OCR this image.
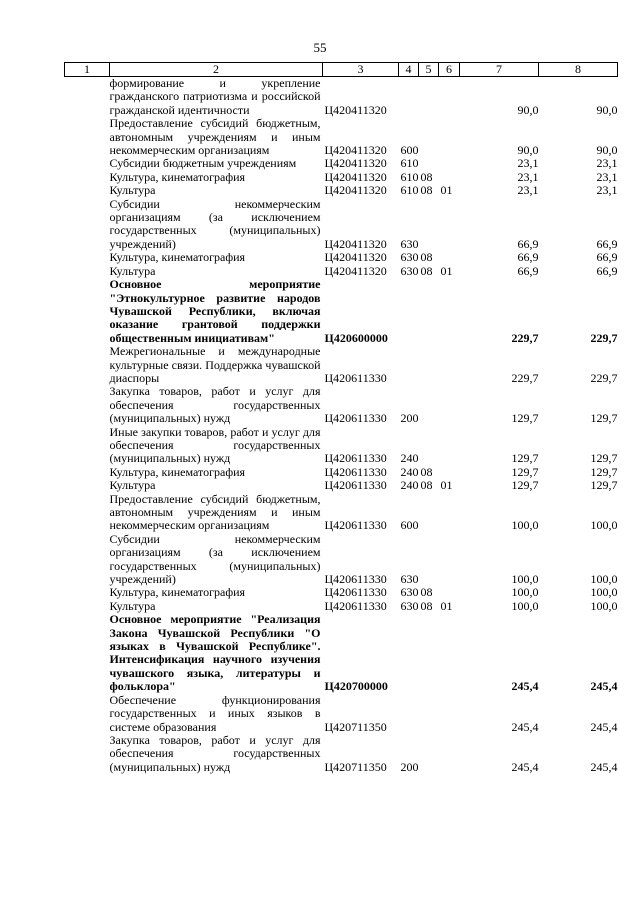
55
1	2	3	4	5	6	7	8
	формирование и укрепление гражданского патриотизма и российской гражданской идентичности	Ц420411320				90,0	90,0
	Предоставление субсидий бюджетным, автономным учреждениям и иным некоммерческим организациям	Ц420411320	600			90,0	90,0
	Субсидии бюджетным учреждениям	Ц420411320	610			23,1	23,1
	Культура, кинематография	Ц420411320	610	08		23,1	23,1
	Культура	Ц420411320	610	08	01	23,1	23,1
	Субсидии некоммерческим организациям (за исключением государственных (муниципальных) учреждений)	Ц420411320	630			66,9	66,9
	Культура, кинематография	Ц420411320	630	08		66,9	66,9
	Культура	Ц420411320	630	08	01	66,9	66,9
	Основное мероприятие "Этнокультурное развитие народов Чувашской Республики, включая оказание грантовой поддержки общественным инициативам"	Ц420600000				229,7	229,7
	Межрегиональные и международные культурные связи. Поддержка чувашской диаспоры	Ц420611330				229,7	229,7
	Закупка товаров, работ и услуг для обеспечения государственных (муниципальных) нужд	Ц420611330	200			129,7	129,7
	Иные закупки товаров, работ и услуг для обеспечения государственных (муниципальных) нужд	Ц420611330	240			129,7	129,7
	Культура, кинематография	Ц420611330	240	08		129,7	129,7
	Культура	Ц420611330	240	08	01	129,7	129,7
	Предоставление субсидий бюджетным, автономным учреждениям и иным некоммерческим организациям	Ц420611330	600			100,0	100,0
	Субсидии некоммерческим организациям (за исключением государственных (муниципальных) учреждений)	Ц420611330	630			100,0	100,0
	Культура, кинематография	Ц420611330	630	08		100,0	100,0
	Культура	Ц420611330	630	08	01	100,0	100,0
	Основное мероприятие "Реализация Закона Чувашской Республики "О языках в Чувашской Республике". Интенсификация научного изучения чувашского языка, литературы и фольклора"	Ц420700000				245,4	245,4
	Обеспечение функционирования государственных и иных языков в системе образования	Ц420711350				245,4	245,4
	Закупка товаров, работ и услуг для обеспечения государственных (муниципальных) нужд	Ц420711350	200			245,4	245,4
